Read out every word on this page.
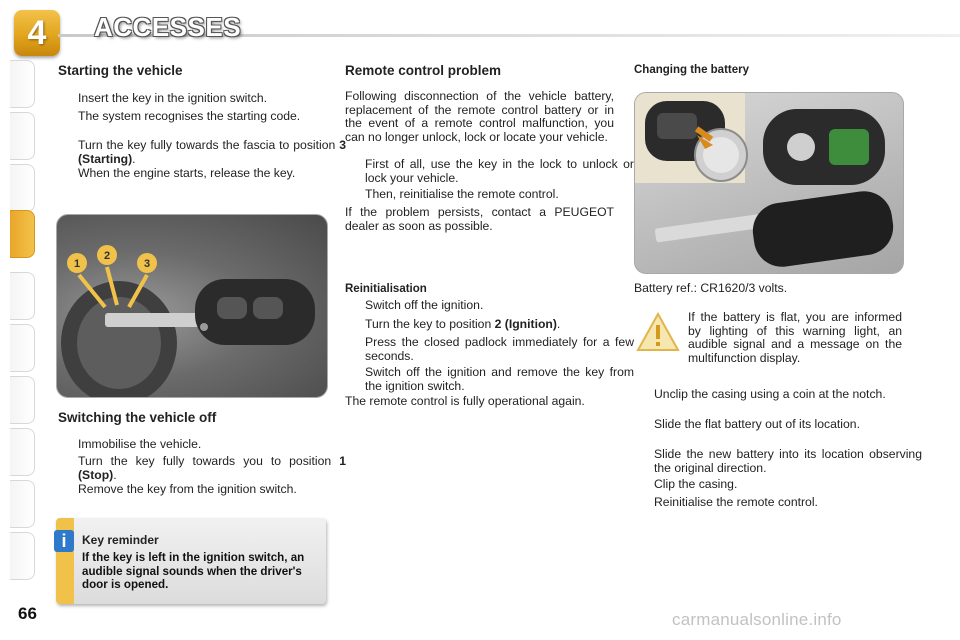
4	ACCESSES
Starting the vehicle
Insert the key in the ignition switch.
The system recognises the starting code.
Turn the key fully towards the fascia to position 3 (Starting).
When the engine starts, release the key.
1
2
3
Switching the vehicle off
Immobilise the vehicle.
Turn the key fully towards you to position 1 (Stop).
Remove the key from the ignition switch.
i	Key reminder
If the key is left in the ignition switch, an audible signal sounds when the driver's door is opened.
Remote control problem
Following disconnection of the vehicle battery, replacement of the remote control battery or in the event of a remote control malfunction, you can no longer unlock, lock or locate your vehicle.
First of all, use the key in the lock to unlock or lock your vehicle.
Then, reinitialise the remote control.
If the problem persists, contact a PEUGEOT dealer as soon as possible.
Reinitialisation
Switch off the ignition.
Turn the key to position 2 (Ignition).
Press the closed padlock immediately for a few seconds.
Switch off the ignition and remove the key from the ignition switch.
The remote control is fully operational again.
Changing the battery
Battery ref.: CR1620/3 volts.
If the battery is flat, you are informed by lighting of this warning light, an audible signal and a message on the multifunction display.
Unclip the casing using a coin at the notch.
Slide the flat battery out of its location.
Slide the new battery into its location observing the original direction.
Clip the casing.
Reinitialise the remote control.
66	carmanualsonline.info
